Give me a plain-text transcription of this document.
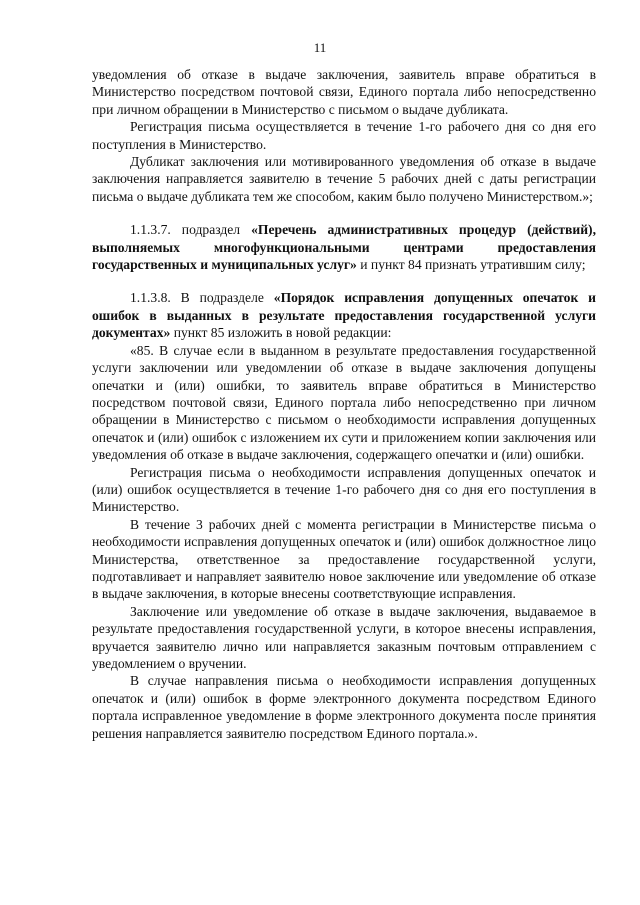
11

уведомления об отказе в выдаче заключения, заявитель вправе обратиться в Министерство посредством почтовой связи, Единого портала либо непосредственно при личном обращении в Министерство с письмом о выдаче дубликата.

Регистрация письма осуществляется в течение 1-го рабочего дня со дня его поступления в Министерство.

Дубликат заключения или мотивированного уведомления об отказе в выдаче заключения направляется заявителю в течение 5 рабочих дней с даты регистрации письма о выдаче дубликата тем же способом, каким было получено Министерством.»;

1.1.3.7. подраздел «Перечень административных процедур (действий), выполняемых многофункциональными центрами предоставления государственных и муниципальных услуг» и пункт 84 признать утратившим силу;

1.1.3.8. В подразделе «Порядок исправления допущенных опечаток и ошибок в выданных в результате предоставления государственной услуги документах» пункт 85 изложить в новой редакции:

«85. В случае если в выданном в результате предоставления государственной услуги заключении или уведомлении об отказе в выдаче заключения допущены опечатки и (или) ошибки, то заявитель вправе обратиться в Министерство посредством почтовой связи, Единого портала либо непосредственно при личном обращении в Министерство с письмом о необходимости исправления допущенных опечаток и (или) ошибок с изложением их сути и приложением копии заключения или уведомления об отказе в выдаче заключения, содержащего опечатки и (или) ошибки.

Регистрация письма о необходимости исправления допущенных опечаток и (или) ошибок осуществляется в течение 1-го рабочего дня со дня его поступления в Министерство.

В течение 3 рабочих дней с момента регистрации в Министерстве письма о необходимости исправления допущенных опечаток и (или) ошибок должностное лицо Министерства, ответственное за предоставление государственной услуги, подготавливает и направляет заявителю новое заключение или уведомление об отказе в выдаче заключения, в которые внесены соответствующие исправления.

Заключение или уведомление об отказе в выдаче заключения, выдаваемое в результате предоставления государственной услуги, в которое внесены исправления, вручается заявителю лично или направляется заказным почтовым отправлением с уведомлением о вручении.

В случае направления письма о необходимости исправления допущенных опечаток и (или) ошибок в форме электронного документа посредством Единого портала исправленное уведомление в форме электронного документа после принятия решения направляется заявителю посредством Единого портала.».
